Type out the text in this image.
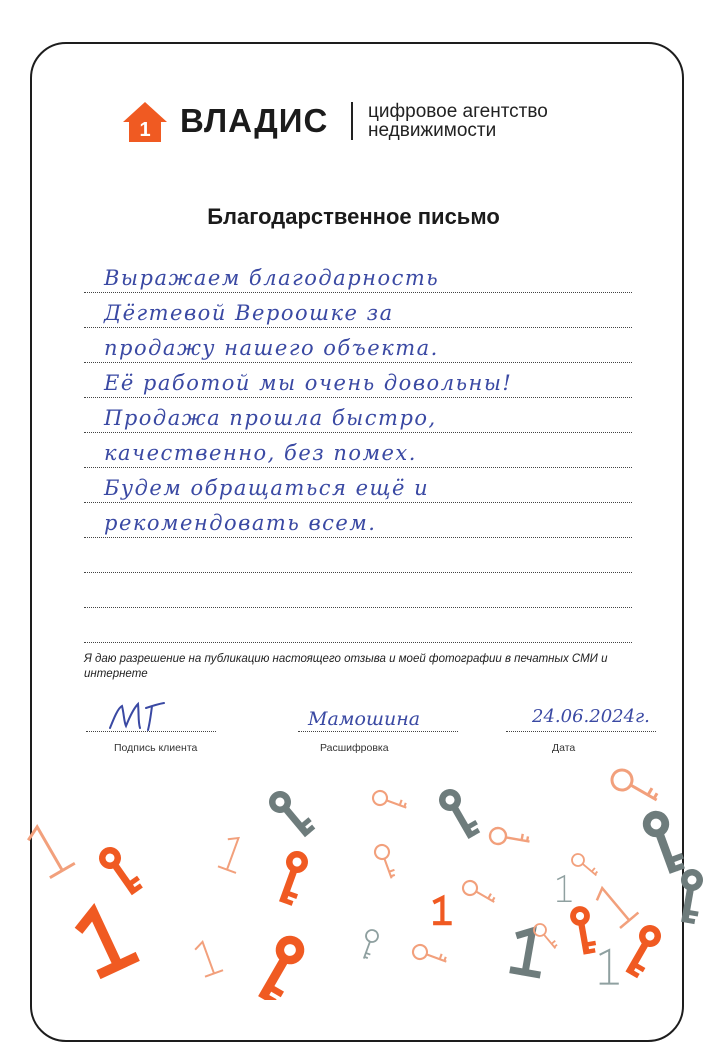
1 ВЛАДИС цифровое агентство
недвижимости
Благодарственное письмо
Выражаем благодарность
Дёгтевой Вероошке за
продажу нашего объекта.
Её работой мы очень довольны!
Продажа прошла быстро,
качественно, без помех.
Будем обращаться ещё и
рекомендовать всем.
Я даю разрешение на публикацию настоящего отзыва и моей фотографии в печатных СМИ и интернете
Подпись клиента
Мамошина
Расшифровка
24.06.2024г.
Дата
